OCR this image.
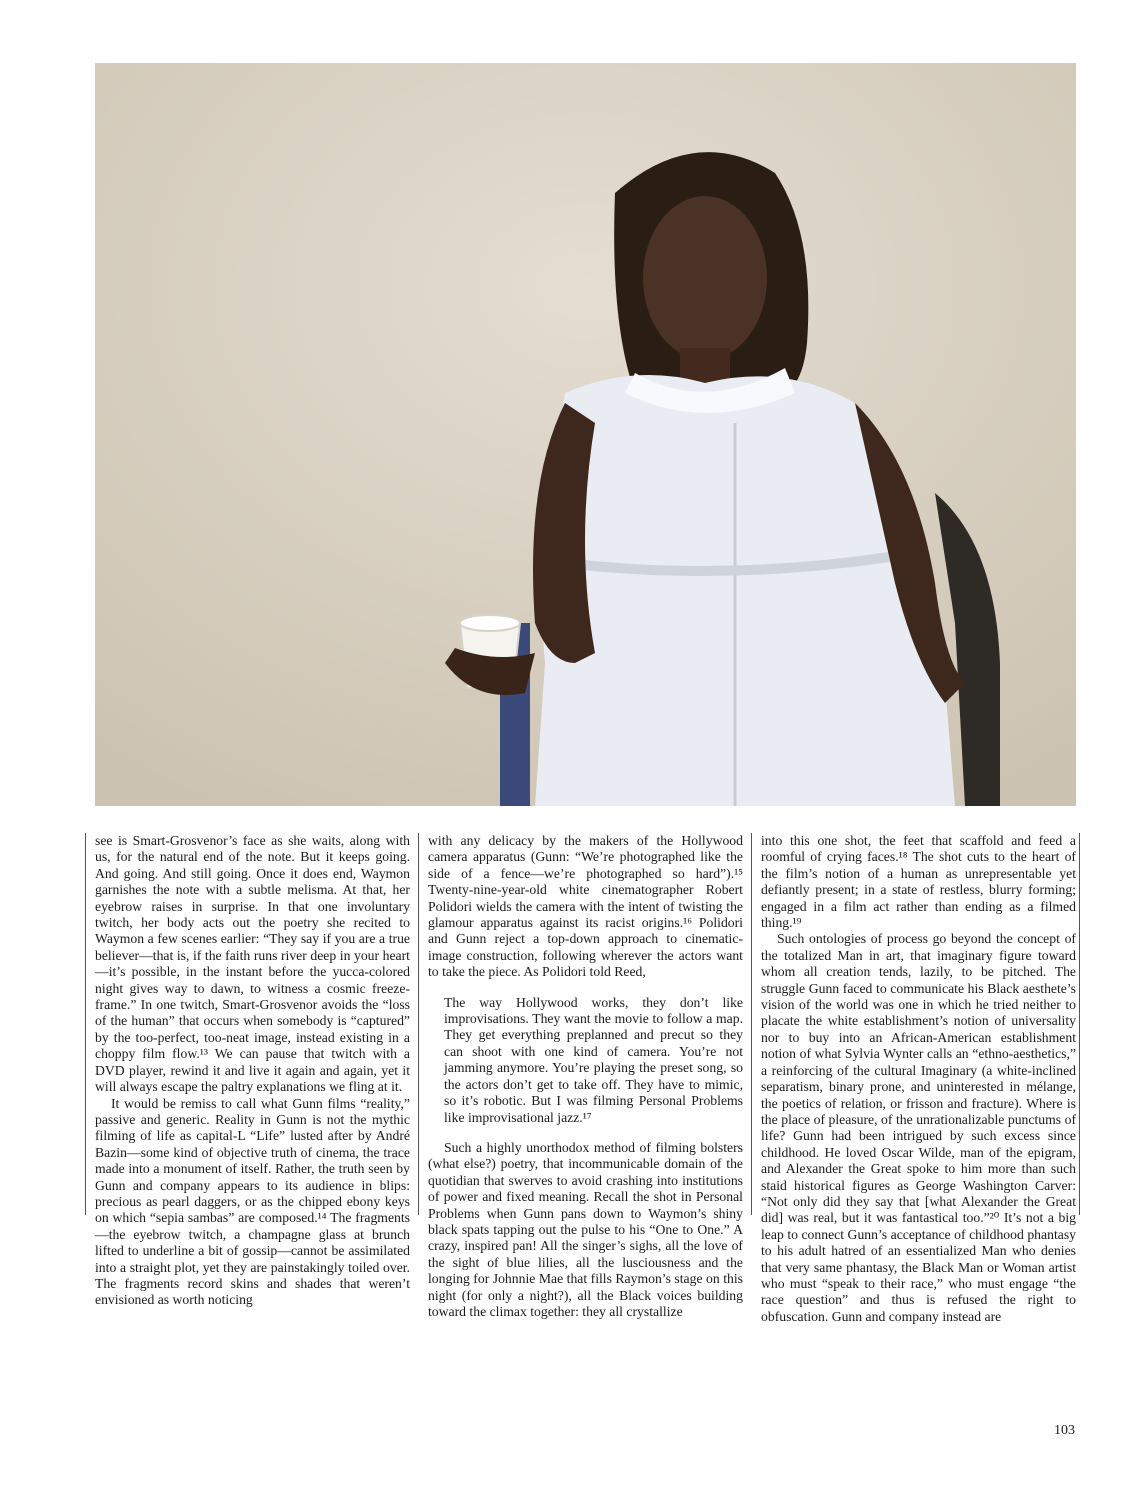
see is Smart-Grosvenor’s face as she waits, along with us, for the natural end of the note. But it keeps going. And going. And still going. Once it does end, Waymon garnishes the note with a subtle melisma. At that, her eyebrow raises in surprise. In that one involuntary twitch, her body acts out the poetry she recited to Waymon a few scenes earlier: “They say if you are a true believer—that is, if the faith runs river deep in your heart—it’s possible, in the instant before the yucca-colored night gives way to dawn, to witness a cosmic freeze-frame.” In one twitch, Smart-Grosvenor avoids the “loss of the human” that occurs when somebody is “captured” by the too-perfect, too-neat image, instead existing in a choppy film flow.¹³ We can pause that twitch with a DVD player, rewind it and live it again and again, yet it will always escape the paltry explanations we fling at it.

It would be remiss to call what Gunn films “reality,” passive and generic. Reality in Gunn is not the mythic filming of life as capital-L “Life” lusted after by André Bazin—some kind of objective truth of cinema, the trace made into a monument of itself. Rather, the truth seen by Gunn and company appears to its audience in blips: precious as pearl daggers, or as the chipped ebony keys on which “sepia sambas” are composed.¹⁴ The fragments—the eyebrow twitch, a champagne glass at brunch lifted to underline a bit of gossip—cannot be assimilated into a straight plot, yet they are painstakingly toiled over. The fragments record skins and shades that weren’t envisioned as worth noticing

with any delicacy by the makers of the Hollywood camera apparatus (Gunn: “We’re photographed like the side of a fence—we’re photographed so hard”).¹⁵ Twenty-nine-year-old white cinematographer Robert Polidori wields the camera with the intent of twisting the glamour apparatus against its racist origins.¹⁶ Polidori and Gunn reject a top-down approach to cinematic-image construction, following wherever the actors want to take the piece. As Polidori told Reed,

The way Hollywood works, they don’t like improvisations. They want the movie to follow a map. They get everything preplanned and precut so they can shoot with one kind of camera. You’re not jamming anymore. You’re playing the preset song, so the actors don’t get to take off. They have to mimic, so it’s robotic. But I was filming Personal Problems like improvisational jazz.¹⁷

Such a highly unorthodox method of filming bolsters (what else?) poetry, that incommunicable domain of the quotidian that swerves to avoid crashing into institutions of power and fixed meaning. Recall the shot in Personal Problems when Gunn pans down to Waymon’s shiny black spats tapping out the pulse to his “One to One.” A crazy, inspired pan! All the singer’s sighs, all the love of the sight of blue lilies, all the lusciousness and the longing for Johnnie Mae that fills Raymon’s stage on this night (for only a night?), all the Black voices building toward the climax together: they all crystallize

into this one shot, the feet that scaffold and feed a roomful of crying faces.¹⁸ The shot cuts to the heart of the film’s notion of a human as unrepresentable yet defiantly present; in a state of restless, blurry forming; engaged in a film act rather than ending as a filmed thing.¹⁹

Such ontologies of process go beyond the concept of the totalized Man in art, that imaginary figure toward whom all creation tends, lazily, to be pitched. The struggle Gunn faced to communicate his Black aesthete’s vision of the world was one in which he tried neither to placate the white establishment’s notion of universality nor to buy into an African-American establishment notion of what Sylvia Wynter calls an “ethno-aesthetics,” a reinforcing of the cultural Imaginary (a white-inclined separatism, binary prone, and uninterested in mélange, the poetics of relation, or frisson and fracture). Where is the place of pleasure, of the unrationalizable punctums of life? Gunn had been intrigued by such excess since childhood. He loved Oscar Wilde, man of the epigram, and Alexander the Great spoke to him more than such staid historical figures as George Washington Carver: “Not only did they say that [what Alexander the Great did] was real, but it was fantastical too.”²⁰ It’s not a big leap to connect Gunn’s acceptance of childhood phantasy to his adult hatred of an essentialized Man who denies that very same phantasy, the Black Man or Woman artist who must “speak to their race,” who must engage “the race question” and thus is refused the right to obfuscation. Gunn and company instead are

103
